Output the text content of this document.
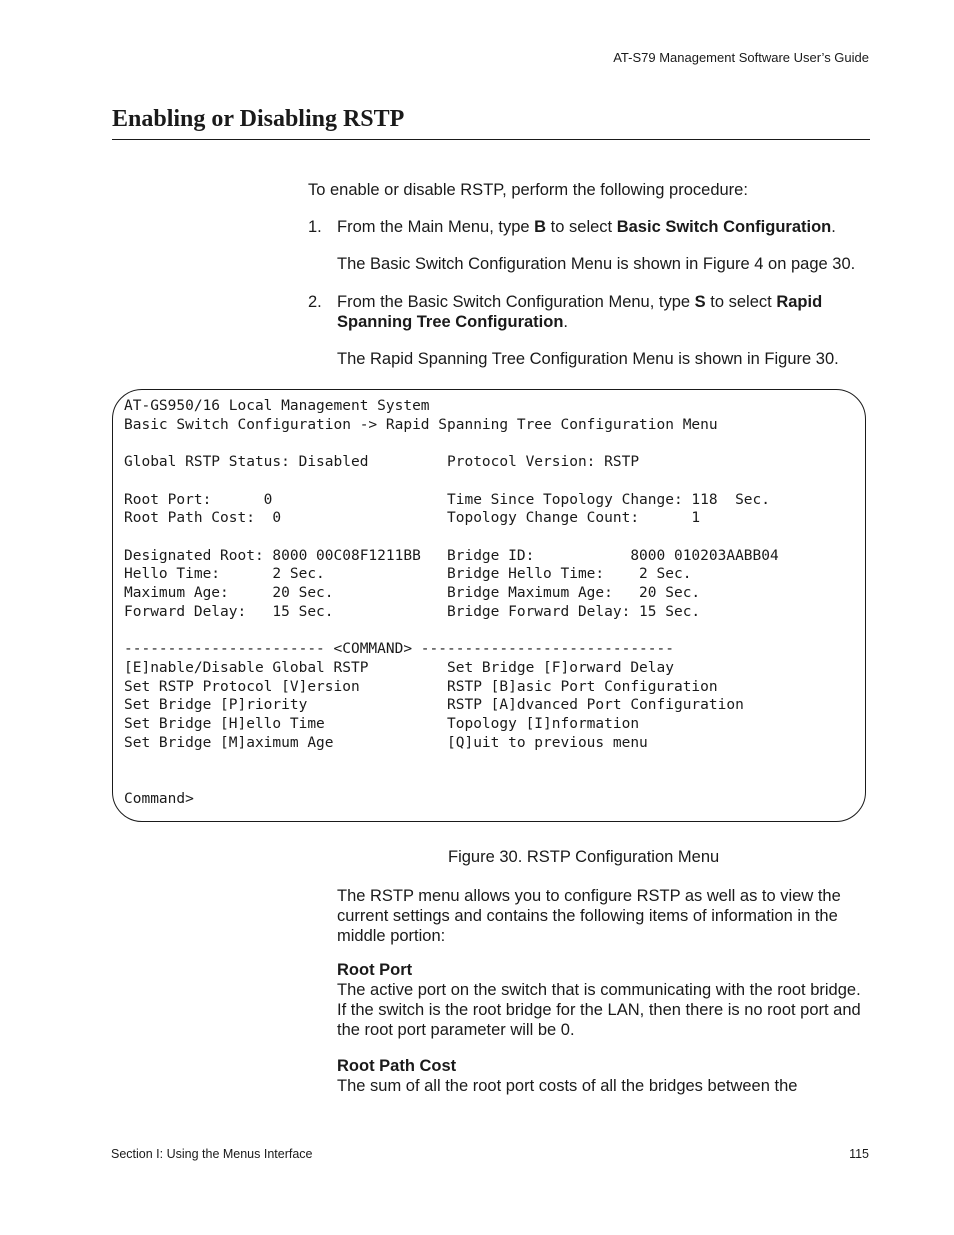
AT-S79 Management Software User’s Guide
Enabling or Disabling RSTP
To enable or disable RSTP, perform the following procedure:
1. From the Main Menu, type B to select Basic Switch Configuration.
The Basic Switch Configuration Menu is shown in Figure 4 on page 30.
2. From the Basic Switch Configuration Menu, type S to select Rapid Spanning Tree Configuration.
The Rapid Spanning Tree Configuration Menu is shown in Figure 30.
AT-GS950/16 Local Management System
Basic Switch Configuration -> Rapid Spanning Tree Configuration Menu
Global RSTP Status: Disabled         Protocol Version: RSTP
Root Port:      0                    Time Since Topology Change: 118  Sec.
Root Path Cost:  0                   Topology Change Count:      1
Designated Root: 8000 00C08F1211BB   Bridge ID:           8000 010203AABB04
Hello Time:      2 Sec.              Bridge Hello Time:    2 Sec.
Maximum Age:     20 Sec.             Bridge Maximum Age:   20 Sec.
Forward Delay:   15 Sec.             Bridge Forward Delay: 15 Sec.
----------------------- <COMMAND> -----------------------------
[E]nable/Disable Global RSTP         Set Bridge [F]orward Delay
Set RSTP Protocol [V]ersion          RSTP [B]asic Port Configuration
Set Bridge [P]riority                RSTP [A]dvanced Port Configuration
Set Bridge [H]ello Time              Topology [I]nformation
Set Bridge [M]aximum Age             [Q]uit to previous menu
Command>
Figure 30. RSTP Configuration Menu
The RSTP menu allows you to configure RSTP as well as to view the current settings and contains the following items of information in the middle portion:
Root Port
The active port on the switch that is communicating with the root bridge. If the switch is the root bridge for the LAN, then there is no root port and the root port parameter will be 0.
Root Path Cost
The sum of all the root port costs of all the bridges between the
Section I: Using the Menus Interface	115
